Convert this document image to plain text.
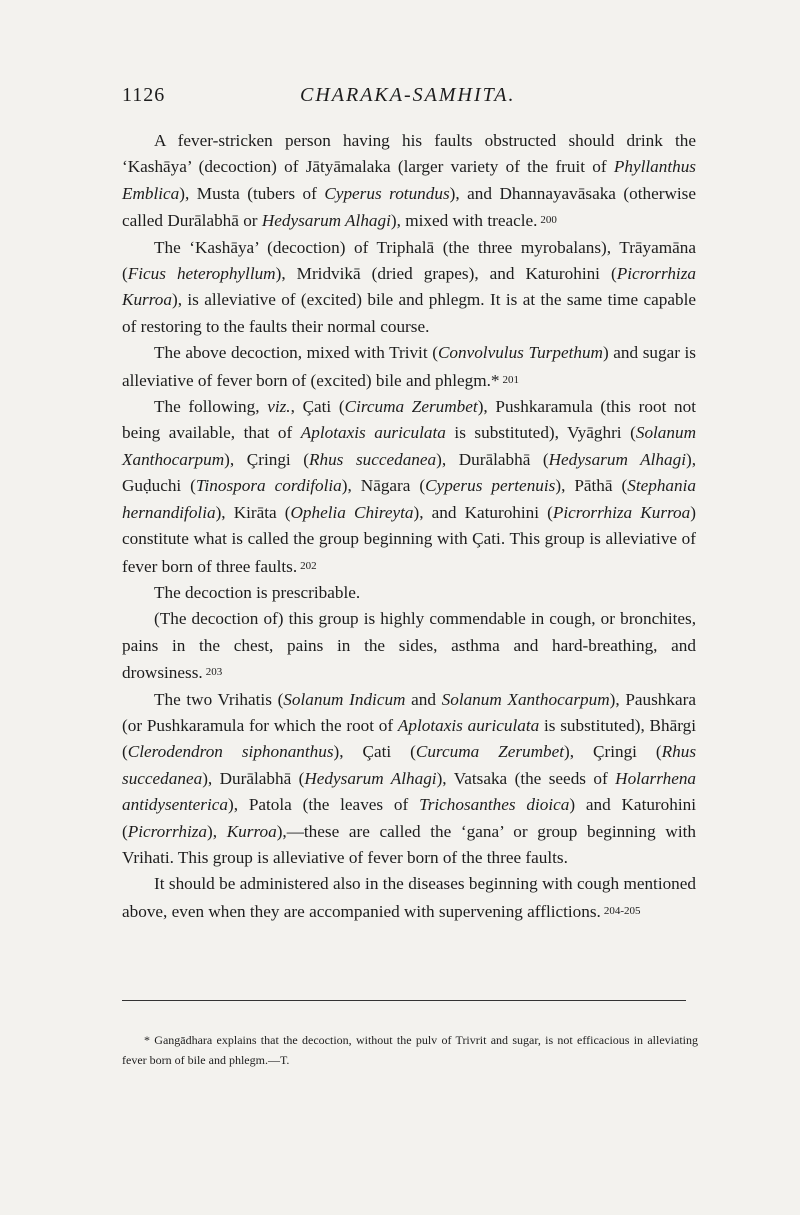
1126	CHARAKA-SAMHITA.

A fever-stricken person having his faults obstructed should drink the ‘Kashāya’ (decoction) of Jātyāmalaka (larger variety of the fruit of Phyllanthus Emblica), Musta (tubers of Cyperus rotundus), and Dhannayavāsaka (otherwise called Durālabhā or Hedysarum Alhagi), mixed with treacle. 200

The ‘Kashāya’ (decoction) of Triphalā (the three myrobalans), Trāyamāna (Ficus heterophyllum), Mridvikā (dried grapes), and Katurohini (Picrorrhiza Kurroa), is alleviative of (excited) bile and phlegm. It is at the same time capable of restoring to the faults their normal course.

The above decoction, mixed with Trivit (Convolvulus Turpethum) and sugar is alleviative of fever born of (excited) bile and phlegm.* 201

The following, viz., Çati (Circuma Zerumbet), Pushkaramula (this root not being available, that of Aplotaxis auriculata is substituted), Vyāghri (Solanum Xanthocarpum), Çringi (Rhus succedanea), Durālabhā (Hedysarum Alhagi), Guḍuchi (Tinospora cordifolia), Nāgara (Cyperus pertenuis), Pāthā (Stephania hernandifolia), Kirāta (Ophelia Chireyta), and Katurohini (Picrorrhiza Kurroa) constitute what is called the group beginning with Çati. This group is alleviative of fever born of three faults. 202

The decoction is prescribable.

(The decoction of) this group is highly commendable in cough, or bronchites, pains in the chest, pains in the sides, asthma and hard-breathing, and drowsiness. 203

The two Vrihatis (Solanum Indicum and Solanum Xanthocarpum), Paushkara (or Pushkaramula for which the root of Aplotaxis auriculata is substituted), Bhārgi (Clerodendron siphonanthus), Çati (Curcuma Zerumbet), Çringi (Rhus succedanea), Durālabhā (Hedysarum Alhagi), Vatsaka (the seeds of Holarrhena antidysenterica), Patola (the leaves of Trichosanthes dioica) and Katurohini (Picrorrhiza), Kurroa),—these are called the ‘gana’ or group beginning with Vrihati. This group is alleviative of fever born of the three faults.

It should be administered also in the diseases beginning with cough mentioned above, even when they are accompanied with supervening afflictions. 204-205

* Gangādhara explains that the decoction, without the pulv of Trivrit and sugar, is not efficacious in alleviating fever born of bile and phlegm.—T.
